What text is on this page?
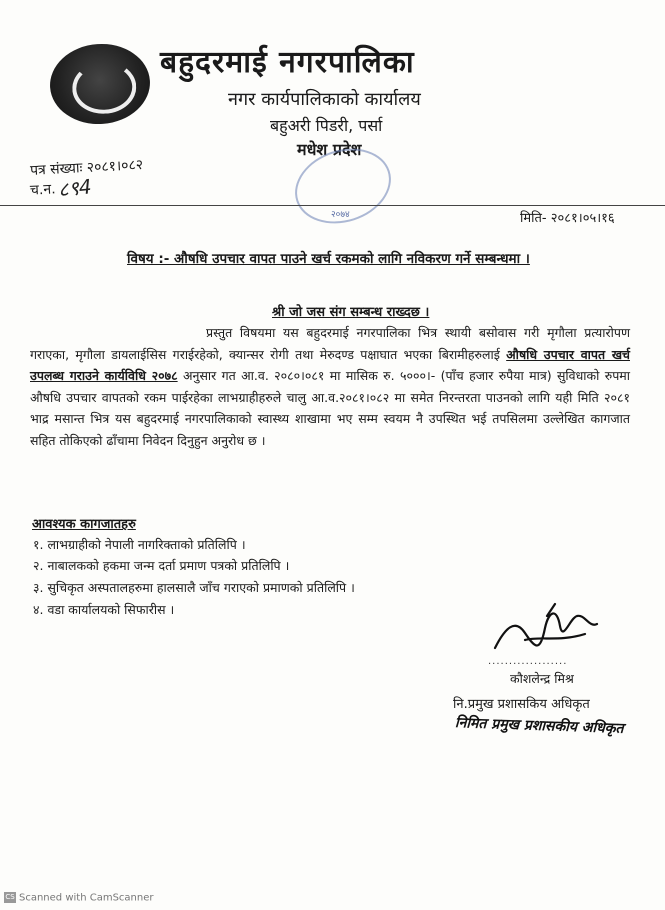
बहुदरमाई नगरपालिका
नगर कार्यपालिकाको कार्यालय
बहुअरी पिडरी, पर्सा
मधेश प्रदेश
२०७४
पत्र संख्याः २०८१।०८२
च.न. ८९4
मिति- २०८१।०५।१६
विषय :- औषधि उपचार वापत पाउने खर्च रकमको लागि नविकरण गर्ने सम्बन्धमा ।
श्री जो जस संग सम्बन्ध राख्दछ ।
प्रस्तुत विषयमा यस बहुदरमाई नगरपालिका भित्र स्थायी बसोवास गरी मृगौला प्रत्यारोपण गराएका, मृगौला डायलाईसिस गराईरहेको, क्यान्सर रोगी तथा मेरुदण्ड पक्षाघात भएका बिरामीहरुलाई औषधि उपचार वापत खर्च उपलब्ध गराउने कार्यविधि २०७८ अनुसार गत आ.व. २०८०।०८१ मा मासिक रु. ५०००।- (पाँच हजार रुपैया मात्र) सुविधाको रुपमा औषधि उपचार वापतको रकम पाईरहेका लाभग्राहीहरुले चालु आ.व.२०८१।०८२ मा समेत निरन्तरता पाउनको लागि यही मिति २०८१ भाद्र मसान्त भित्र यस बहुदरमाई नगरपालिकाको स्वास्थ्य शाखामा भए सम्म स्वयम नै उपस्थित भई तपसिलमा उल्लेखित कागजात सहित तोकिएको ढाँचामा निवेदन दिनुहुन अनुरोध छ ।
आवश्यक कागजातहरु
१. लाभग्राहीको नेपाली नागरिक्ताको प्रतिलिपि ।
२. नाबालकको हकमा जन्म दर्ता प्रमाण पत्रको प्रतिलिपि ।
३. सुचिकृत अस्पतालहरुमा हालसालै जाँच गराएको प्रमाणको प्रतिलिपि ।
४. वडा कार्यालयको सिफारीस ।
...................
कौशलेन्द्र मिश्र
नि.प्रमुख प्रशासकिय अधिकृत
निमित प्रमुख प्रशासकीय अधिकृत
CS Scanned with CamScanner
